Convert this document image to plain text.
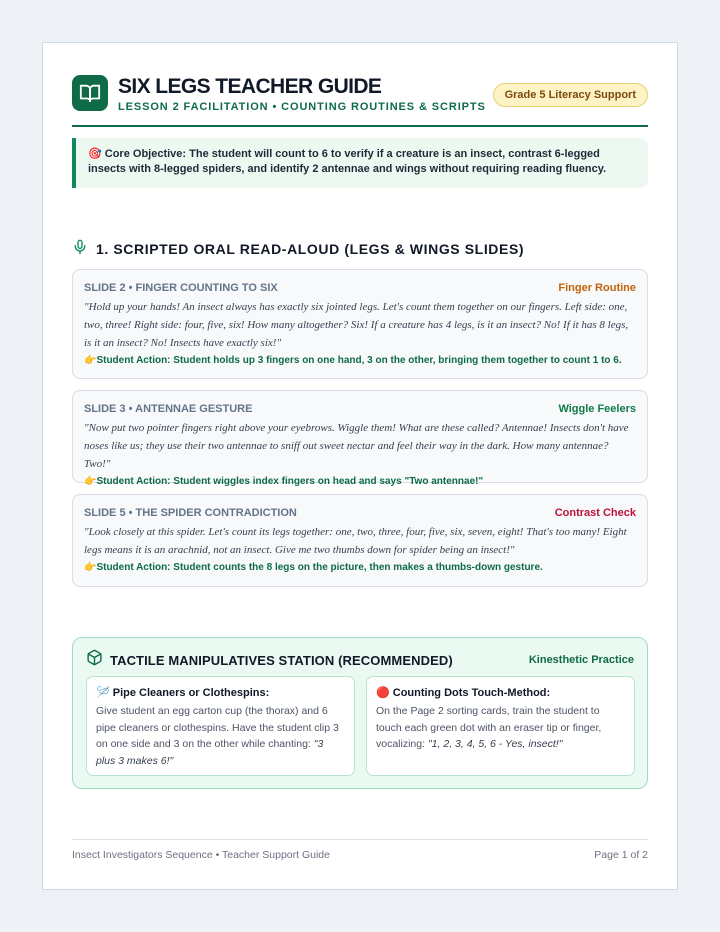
SIX LEGS TEACHER GUIDE
LESSON 2 FACILITATION • COUNTING ROUTINES & SCRIPTS
Grade 5 Literacy Support
🎯 Core Objective: The student will count to 6 to verify if a creature is an insect, contrast 6-legged insects with 8-legged spiders, and identify 2 antennae and wings without requiring reading fluency.
1. SCRIPTED ORAL READ-ALOUD (LEGS & WINGS SLIDES)
SLIDE 2 • FINGER COUNTING TO SIX	Finger Routine
"Hold up your hands! An insect always has exactly six jointed legs. Let's count them together on our fingers. Left side: one, two, three! Right side: four, five, six! How many altogether? Six! If a creature has 4 legs, is it an insect? No! If it has 8 legs, is it an insect? No! Insects have exactly six!"
👉Student Action: Student holds up 3 fingers on one hand, 3 on the other, bringing them together to count 1 to 6.
SLIDE 3 • ANTENNAE GESTURE	Wiggle Feelers
"Now put two pointer fingers right above your eyebrows. Wiggle them! What are these called? Antennae! Insects don't have noses like us; they use their two antennae to sniff out sweet nectar and feel their way in the dark. How many antennae? Two!"
👉Student Action: Student wiggles index fingers on head and says "Two antennae!"
SLIDE 5 • THE SPIDER CONTRADICTION	Contrast Check
"Look closely at this spider. Let's count its legs together: one, two, three, four, five, six, seven, eight! That's too many! Eight legs means it is an arachnid, not an insect. Give me two thumbs down for spider being an insect!"
👉Student Action: Student counts the 8 legs on the picture, then makes a thumbs-down gesture.
TACTILE MANIPULATIVES STATION (RECOMMENDED)	Kinesthetic Practice
🪡 Pipe Cleaners or Clothespins:
Give student an egg carton cup (the thorax) and 6 pipe cleaners or clothespins. Have the student clip 3 on one side and 3 on the other while chanting: "3 plus 3 makes 6!"
🔴 Counting Dots Touch-Method:
On the Page 2 sorting cards, train the student to touch each green dot with an eraser tip or finger, vocalizing: "1, 2, 3, 4, 5, 6 - Yes, insect!"
Insect Investigators Sequence • Teacher Support Guide	Page 1 of 2
